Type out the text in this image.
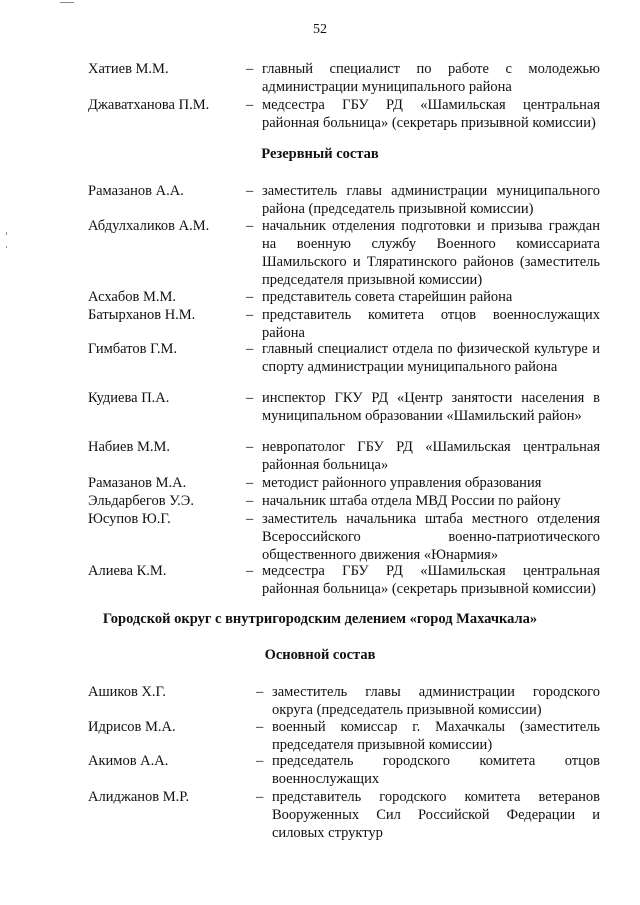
52
Хатиев М.М.	– главный специалист по работе с молодежью администрации муниципального района
Джаватханова П.М.	– медсестра ГБУ РД «Шамильская центральная районная больница» (секретарь призывной комиссии)
Резервный состав
Рамазанов А.А.	– заместитель главы администрации муниципального района (председатель призывной комиссии)
Абдулхаликов А.М.	– начальник отделения подготовки и призыва граждан на военную службу Военного комиссариата Шамильского и Тляратинского районов (заместитель председателя призывной комиссии)
Асхабов М.М.	– представитель совета старейшин района
Батырханов Н.М.	– представитель комитета отцов военнослужащих района
Гимбатов Г.М.	– главный специалист отдела по физической культуре и спорту администрации муниципального района
Кудиева П.А.	– инспектор ГКУ РД «Центр занятости населения в муниципальном образовании «Шамильский район»
Набиев М.М.	– невропатолог ГБУ РД «Шамильская центральная районная больница»
Рамазанов М.А.	– методист районного управления образования
Эльдарбегов У.Э.	– начальник штаба отдела МВД России по району
Юсупов Ю.Г.	– заместитель начальника штаба местного отделения Всероссийского военно-патриотического общественного движения «Юнармия»
Алиева К.М.	– медсестра ГБУ РД «Шамильская центральная районная больница» (секретарь призывной комиссии)
Городской округ с внутригородским делением «город Махачкала»
Основной состав
Ашиков Х.Г.	– заместитель главы администрации городского округа (председатель призывной комиссии)
Идрисов М.А.	– военный комиссар г. Махачкалы (заместитель председателя призывной комиссии)
Акимов А.А.	– председатель городского комитета отцов военнослужащих
Алиджанов М.Р.	– представитель городского комитета ветеранов Вооруженных Сил Российской Федерации и силовых структур
